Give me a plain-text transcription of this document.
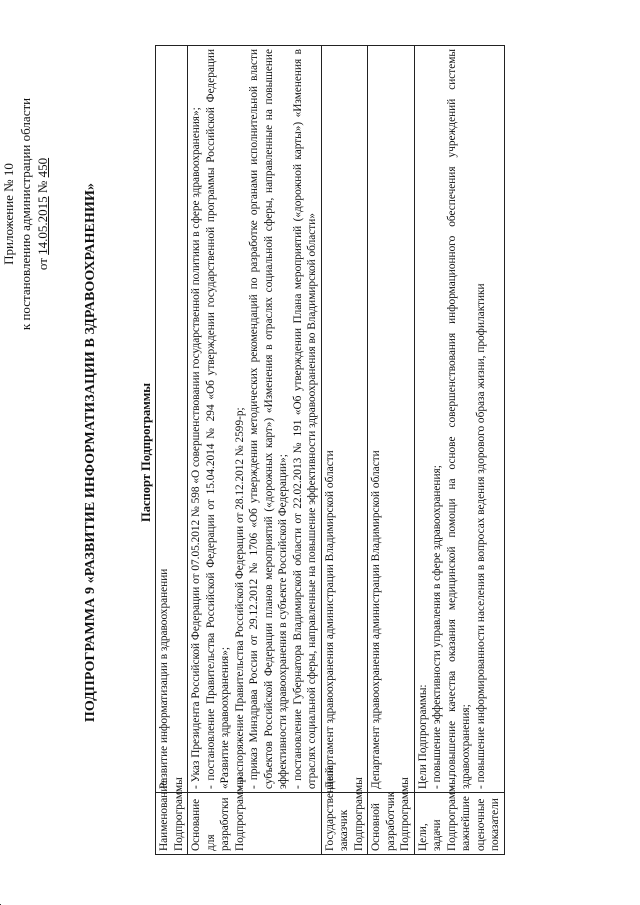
Приложение № 10 к постановлению администрации области от 14.05.2015 № 450
ПОДПРОГРАММА 9 «РАЗВИТИЕ ИНФОРМАТИЗАЦИИ В ЗДРАВООХРАНЕНИИ»	Паспорт Подпрограммы
Наименование Подпрограммы	Развитие информатизации в здравоохранении

Основание для разработки Подпрограммы	- Указ Президента Российской Федерации от 07.05.2012 № 598 «О совершенствовании государственной политики в сфере здравоохранения»; - постановление Правительства Российской Федерации от 15.04.2014 № 294 «Об утверждении государственной программы Российской Федерации «Развитие здравоохранения»; - распоряжение Правительства Российской Федерации от 28.12.2012 № 2599-р; - приказ Минздрава России от 29.12.2012 № 1706 «Об утверждении методических рекомендаций по разработке органами исполнительной власти субъектов Российской Федерации планов мероприятий («дорожных карт») «Изменения в отраслях социальной сферы, направленные на повышение эффективности здравоохранения в субъекте Российской Федерации»; - постановление Губернатора Владимирской области от 22.02.2013 № 191 «Об утверждении Плана мероприятий («дорожной карты») «Изменения в отраслях социальной сферы, направленные на повышение эффективности здравоохранения во Владимирской области»

Государственный заказчик Подпрограммы	Департамент здравоохранения администрации Владимирской области

Основной разработчик Подпрограммы	Департамент здравоохранения администрации Владимирской области

Цели, задачи Подпрограммы, важнейшие оценочные показатели	Цели Подпрограммы: - повышение эффективности управления в сфере здравоохранения; - повышение качества оказания медицинской помощи на основе совершенствования информационного обеспечения учреждений системы здравоохранения; - повышение информированности населения в вопросах ведения здорового образа жизни, профилактики
